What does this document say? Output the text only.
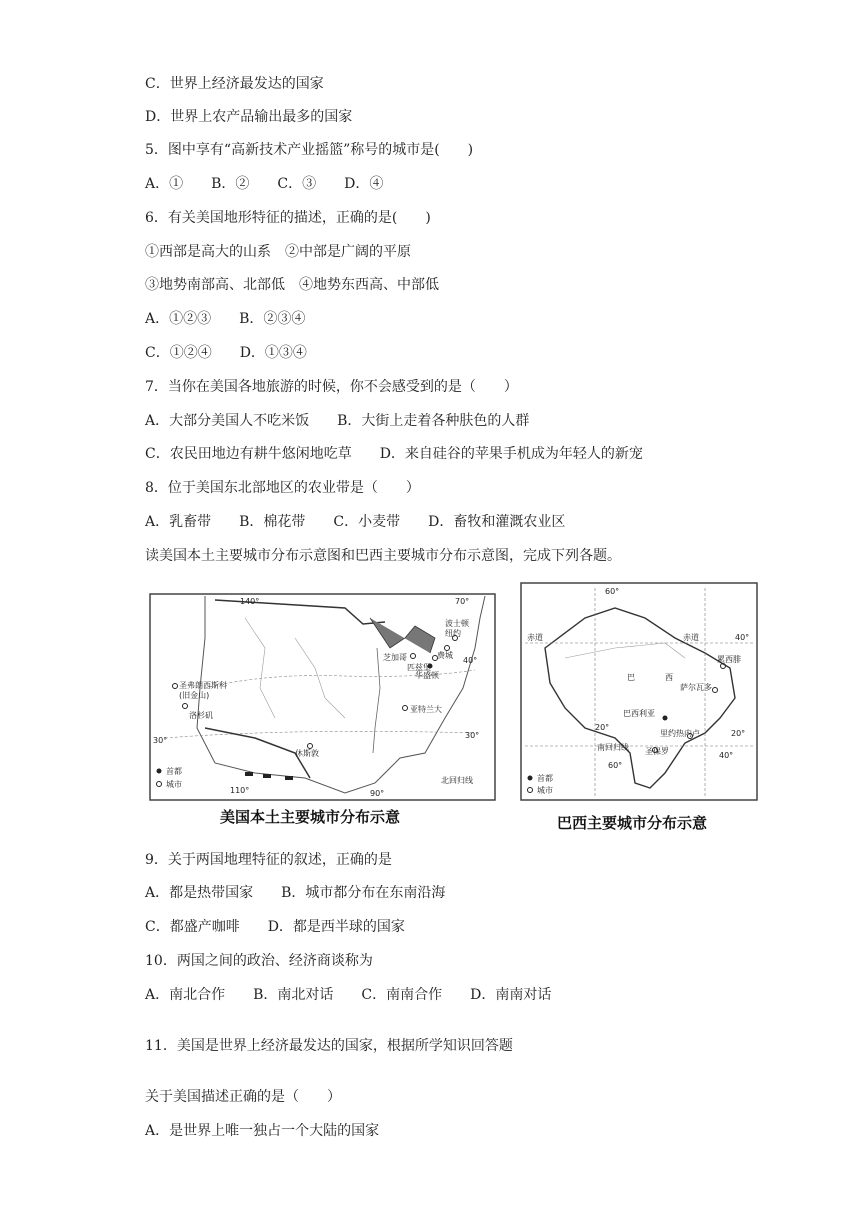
C．世界上经济最发达的国家
D．世界上农产品输出最多的国家
5．图中享有“高新技术产业摇篮”称号的城市是(　　)
A．①　　B．②　　C．③　　D．④
6．有关美国地形特征的描述，正确的是(　　)
①西部是高大的山系　②中部是广阔的平原
③地势南部高、北部低　④地势东西高、中部低
A．①②③　　B．②③④
C．①②④　　D．①③④
7．当你在美国各地旅游的时候，你不会感受到的是（　　）
A．大部分美国人不吃米饭　　B．大街上走着各种肤色的人群
C．农民田地边有耕牛悠闲地吃草　　D．来自硅谷的苹果手机成为年轻人的新宠
8．位于美国东北部地区的农业带是（　　）
A．乳畜带　　B．棉花带　　C．小麦带　　D．畜牧和灌溉农业区
读美国本土主要城市分布示意图和巴西主要城市分布示意图，完成下列各题。
140°	70°
40°
30°
30°
110°	90°
圣弗朗西斯科
(旧金山)
洛杉矶
芝加哥
匹兹堡
费城
华盛顿
纽约
波士顿
亚特兰大
休斯敦
北回归线
首都
城市
美国本土主要城市分布示意
60°
赤道	赤道	40°
巴	西
累西腓
萨尔瓦多
巴西利亚
20°
20°
里约热内卢
南回归线 圣保罗
60°
40°
首都
城市
巴西主要城市分布示意
9．关于两国地理特征的叙述，正确的是
A．都是热带国家　　B．城市都分布在东南沿海
C．都盛产咖啡　　D．都是西半球的国家
10．两国之间的政治、经济商谈称为
A．南北合作　　B．南北对话　　C．南南合作　　D．南南对话
11．美国是世界上经济最发达的国家，根据所学知识回答题
关于美国描述正确的是（　　）
A．是世界上唯一独占一个大陆的国家
